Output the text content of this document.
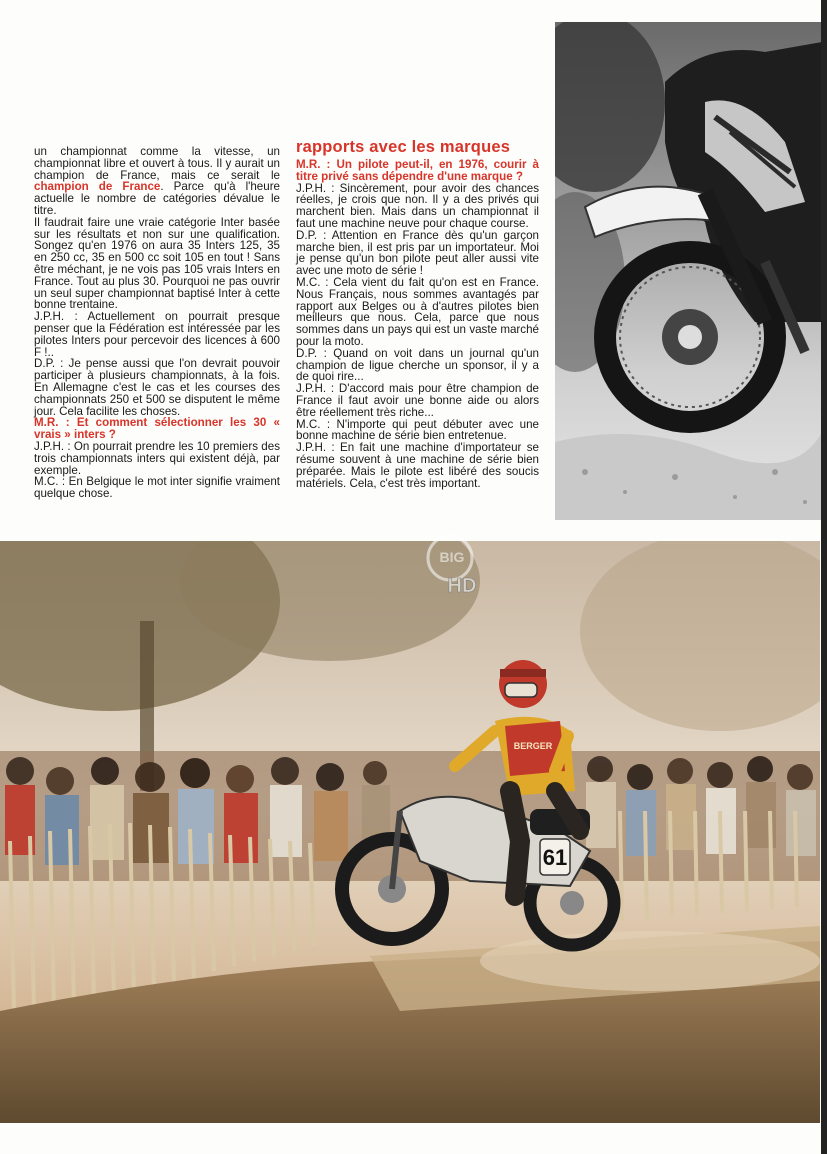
un championnat comme la vitesse, un championnat libre et ouvert à tous. Il y aurait un champion de France, mais ce serait le champion de France. Parce qu'à l'heure actuelle le nombre de catégories dévalue le titre.

Il faudrait faire une vraie catégorie Inter basée sur les résultats et non sur une qualification. Songez qu'en 1976 on aura 35 Inters 125, 35 en 250 cc, 35 en 500 cc soit 105 en tout ! Sans être méchant, je ne vois pas 105 vrais Inters en France. Tout au plus 30. Pourquoi ne pas ouvrir un seul super championnat baptisé Inter à cette bonne trentaine.

J.P.H. : Actuellement on pourrait presque penser que la Fédération est intéressée par les pilotes Inters pour percevoir des licences à 600 F !..

D.P. : Je pense aussi que l'on devrait pouvoir participer à plusieurs championnats, à la fois. En Allemagne c'est le cas et les courses des championnats 250 et 500 se disputent le même jour. Cela facilite les choses.

M.R. : Et comment sélectionner les 30 « vrais » inters ?

J.P.H. : On pourrait prendre les 10 premiers des trois championnats inters qui existent déjà, par exemple.

M.C. : En Belgique le mot inter signifie vraiment quelque chose.

rapports avec les marques

M.R. : Un pilote peut-il, en 1976, courir à titre privé sans dépendre d'une marque ?

J.P.H. : Sincèrement, pour avoir des chances réelles, je crois que non. Il y a des privés qui marchent bien. Mais dans un championnat il faut une machine neuve pour chaque course.

D.P. : Attention en France dès qu'un garçon marche bien, il est pris par un importateur. Moi je pense qu'un bon pilote peut aller aussi vite avec une moto de série !

M.C. : Cela vient du fait qu'on est en France. Nous Français, nous sommes avantagés par rapport aux Belges ou à d'autres pilotes bien meilleurs que nous. Cela, parce que nous sommes dans un pays qui est un vaste marché pour la moto.

D.P. : Quand on voit dans un journal qu'un champion de ligue cherche un sponsor, il y a de quoi rire...

J.P.H. : D'accord mais pour être champion de France il faut avoir une bonne aide ou alors être réellement très riche...

M.C. : N'importe qui peut débuter avec une bonne machine de série bien entretenue.

J.P.H. : En fait une machine d'importateur se résume souvent à une machine de série bien préparée. Mais le pilote est libéré des soucis matériels. Cela, c'est très important.

61
BERGER
BIG
HD
